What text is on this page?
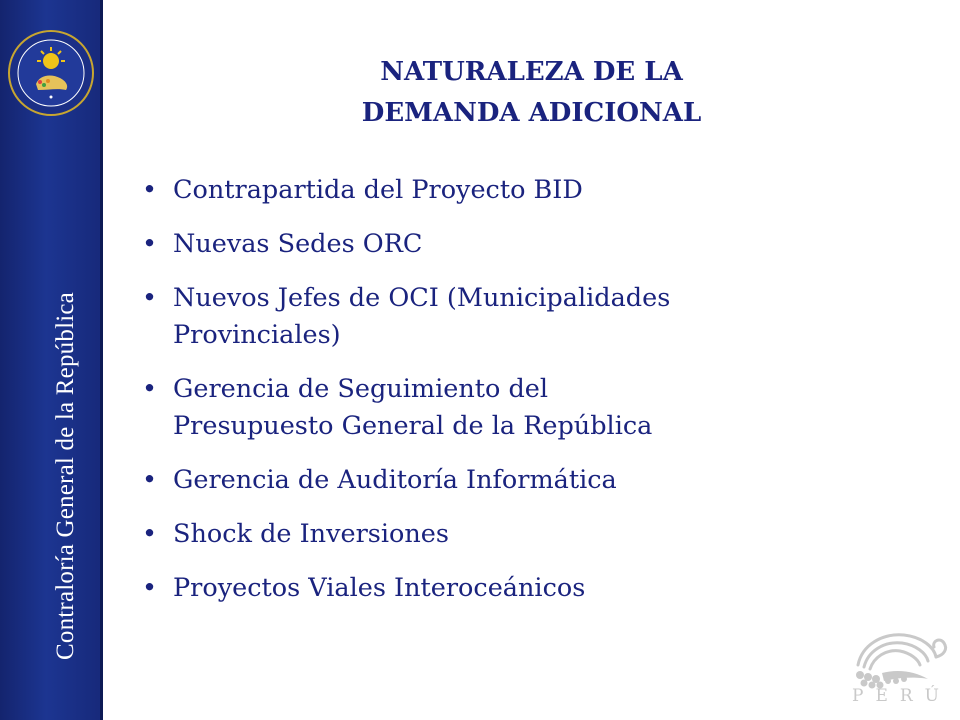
Contraloría General de la República
NATURALEZA DE LA
DEMANDA ADICIONAL
• Contrapartida del Proyecto BID
• Nuevas Sedes ORC
• Nuevos Jefes de OCI (Municipalidades
Provinciales)
• Gerencia de Seguimiento del
Presupuesto General de la República
• Gerencia de Auditoría Informática
• Shock de Inversiones
• Proyectos Viales Interoceánicos
PERÚ
